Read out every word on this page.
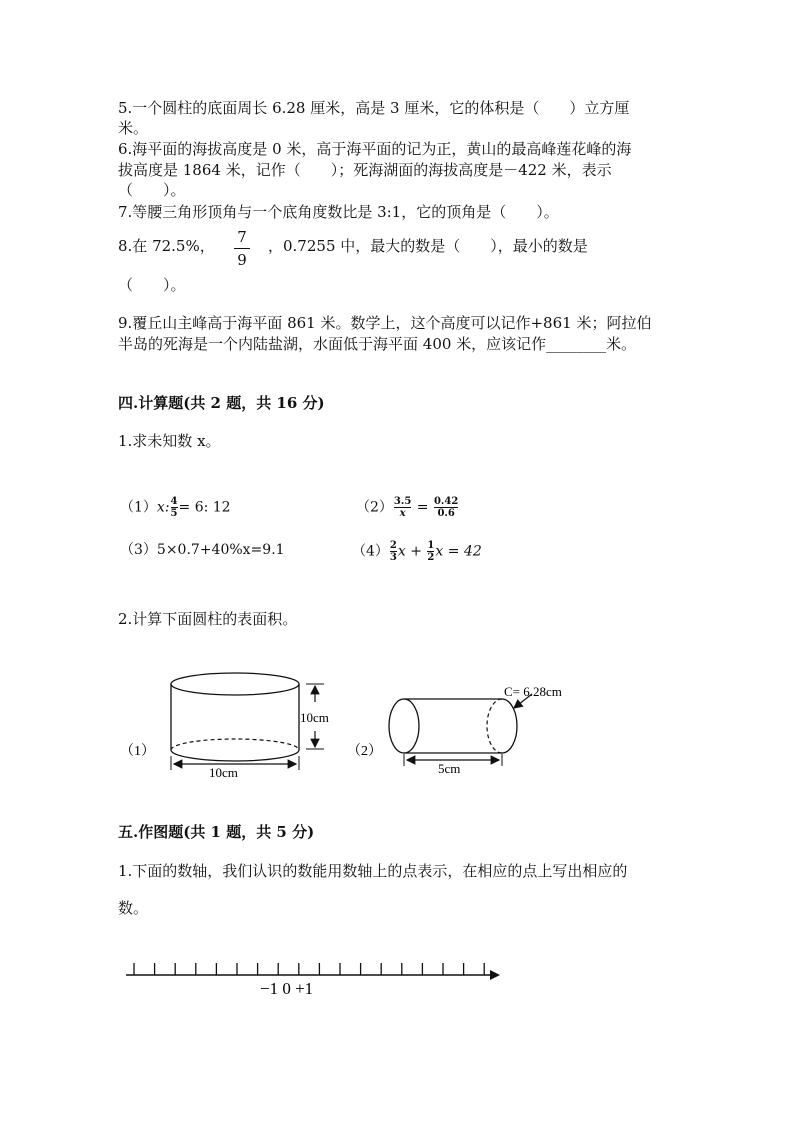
5.一个圆柱的底面周长 6.28 厘米，高是 3 厘米，它的体积是（　　）立方厘
米。
6.海平面的海拔高度是 0 米，高于海平面的记为正，黄山的最高峰莲花峰的海
拔高度是 1864 米，记作（　　）；死海湖面的海拔高度是－422 米，表示
（　　）。
7.等腰三角形顶角与一个底角度数比是 3:1，它的顶角是（　　）。
8.在 72.5%， 7
9
，0.7255 中，最大的数是（　　），最小的数是
（　　）。
9.覆丘山主峰高于海平面 861 米。数学上，这个高度可以记作+861 米；阿拉伯
半岛的死海是一个内陆盐湖，水面低于海平面 400 米，应该记作________米。
四.计算题(共 2 题，共 16 分)
1.求未知数 x。
（1）x: $\frac{4}{5} = 6$: 12	$(2) \frac{3.5}{x} = \frac{0.42}{0.6}$
（3）5×0.7+40%x=9.1	$(4) \frac{2}{3}$ $x + \frac{1}{2}$ x = 42
2.计算下面圆柱的表面积。
10cm
10cm
（1）
C= 6.28cm
5cm
（2）
五.作图题(共 1 题，共 5 分)
1.下面的数轴，我们认识的数能用数轴上的点表示，在相应的点上写出相应的
数。
−1 0 +1
